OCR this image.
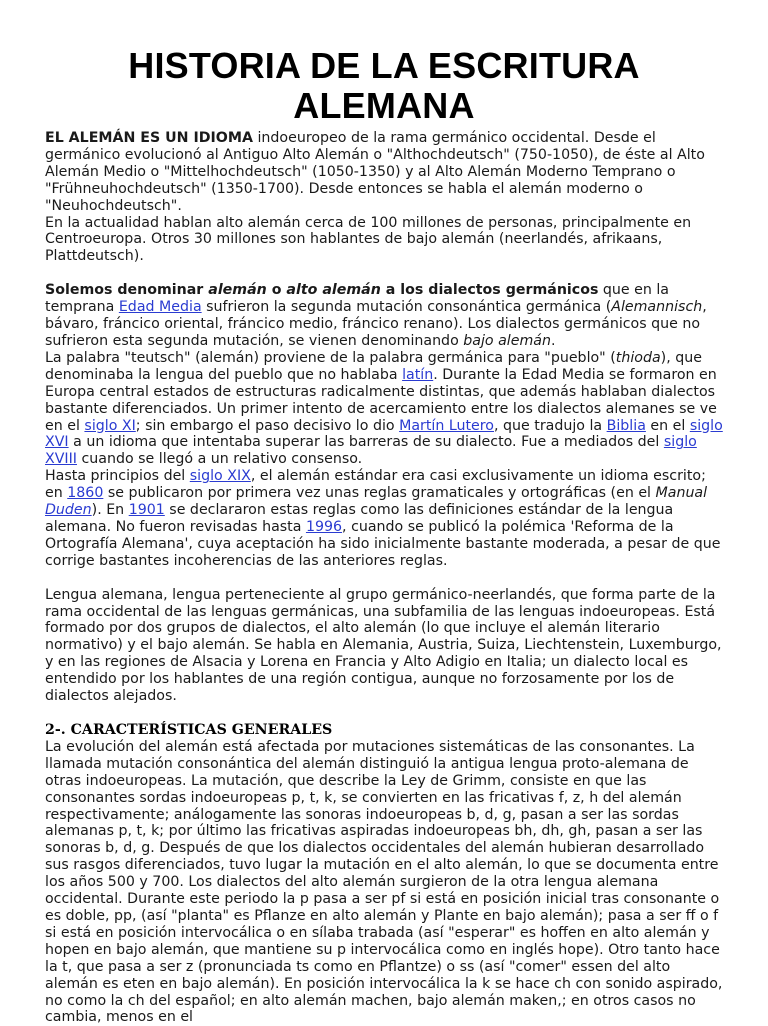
HISTORIA DE LA ESCRITURA
ALEMANA

EL ALEMÁN ES UN IDIOMA indoeuropeo de la rama germánico occidental. Desde el germánico evolucionó al Antiguo Alto Alemán o "Althochdeutsch" (750-1050), de éste al Alto Alemán Medio o "Mittelhochdeutsch" (1050-1350) y al Alto Alemán Moderno Temprano o "Frühneuhochdeutsch" (1350-1700). Desde entonces se habla el alemán moderno o "Neuhochdeutsch".

En la actualidad hablan alto alemán cerca de 100 millones de personas, principalmente en Centroeuropa. Otros 30 millones son hablantes de bajo alemán (neerlandés, afrikaans, Plattdeutsch).

Solemos denominar alemán o alto alemán a los dialectos germánicos que en la temprana Edad Media sufrieron la segunda mutación consonántica germánica (Alemannisch, bávaro, fráncico oriental, fráncico medio, fráncico renano). Los dialectos germánicos que no sufrieron esta segunda mutación, se vienen denominando bajo alemán.

La palabra "teutsch" (alemán) proviene de la palabra germánica para "pueblo" (thioda), que denominaba la lengua del pueblo que no hablaba latín. Durante la Edad Media se formaron en Europa central estados de estructuras radicalmente distintas, que además hablaban dialectos bastante diferenciados. Un primer intento de acercamiento entre los dialectos alemanes se ve en el siglo XI; sin embargo el paso decisivo lo dio Martín Lutero, que tradujo la Biblia en el siglo XVI a un idioma que intentaba superar las barreras de su dialecto. Fue a mediados del siglo XVIII cuando se llegó a un relativo consenso.

Hasta principios del siglo XIX, el alemán estándar era casi exclusivamente un idioma escrito; en 1860 se publicaron por primera vez unas reglas gramaticales y ortográficas (en el Manual Duden). En 1901 se declararon estas reglas como las definiciones estándar de la lengua alemana. No fueron revisadas hasta 1996, cuando se publicó la polémica 'Reforma de la Ortografía Alemana', cuya aceptación ha sido inicialmente bastante moderada, a pesar de que corrige bastantes incoherencias de las anteriores reglas.

Lengua alemana, lengua perteneciente al grupo germánico-neerlandés, que forma parte de la rama occidental de las lenguas germánicas, una subfamilia de las lenguas indoeuropeas. Está formado por dos grupos de dialectos, el alto alemán (lo que incluye el alemán literario normativo) y el bajo alemán. Se habla en Alemania, Austria, Suiza, Liechtenstein, Luxemburgo, y en las regiones de Alsacia y Lorena en Francia y Alto Adigio en Italia; un dialecto local es entendido por los hablantes de una región contigua, aunque no forzosamente por los de dialectos alejados.

2-. CARACTERÍSTICAS GENERALES

La evolución del alemán está afectada por mutaciones sistemáticas de las consonantes. La llamada mutación consonántica del alemán distinguió la antigua lengua proto-alemana de otras indoeuropeas. La mutación, que describe la Ley de Grimm, consiste en que las consonantes sordas indoeuropeas p, t, k, se convierten en las fricativas f, z, h del alemán respectivamente; análogamente las sonoras indoeuropeas b, d, g, pasan a ser las sordas alemanas p, t, k; por último las fricativas aspiradas indoeuropeas bh, dh, gh, pasan a ser las sonoras b, d, g. Después de que los dialectos occidentales del alemán hubieran desarrollado sus rasgos diferenciados, tuvo lugar la mutación en el alto alemán, lo que se documenta entre los años 500 y 700. Los dialectos del alto alemán surgieron de la otra lengua alemana occidental. Durante este periodo la p pasa a ser pf si está en posición inicial tras consonante o es doble, pp, (así "planta" es Pflanze en alto alemán y Plante en bajo alemán); pasa a ser ff o f si está en posición intervocálica o en sílaba trabada (así "esperar" es hoffen en alto alemán y hopen en bajo alemán, que mantiene su p intervocálica como en inglés hope). Otro tanto hace la t, que pasa a ser z (pronunciada ts como en Pflantze) o ss (así "comer" essen del alto alemán es eten en bajo alemán). En posición intervocálica la k se hace ch con sonido aspirado, no como la ch del español; en alto alemán machen, bajo alemán maken,; en otros casos no cambia, menos en el
